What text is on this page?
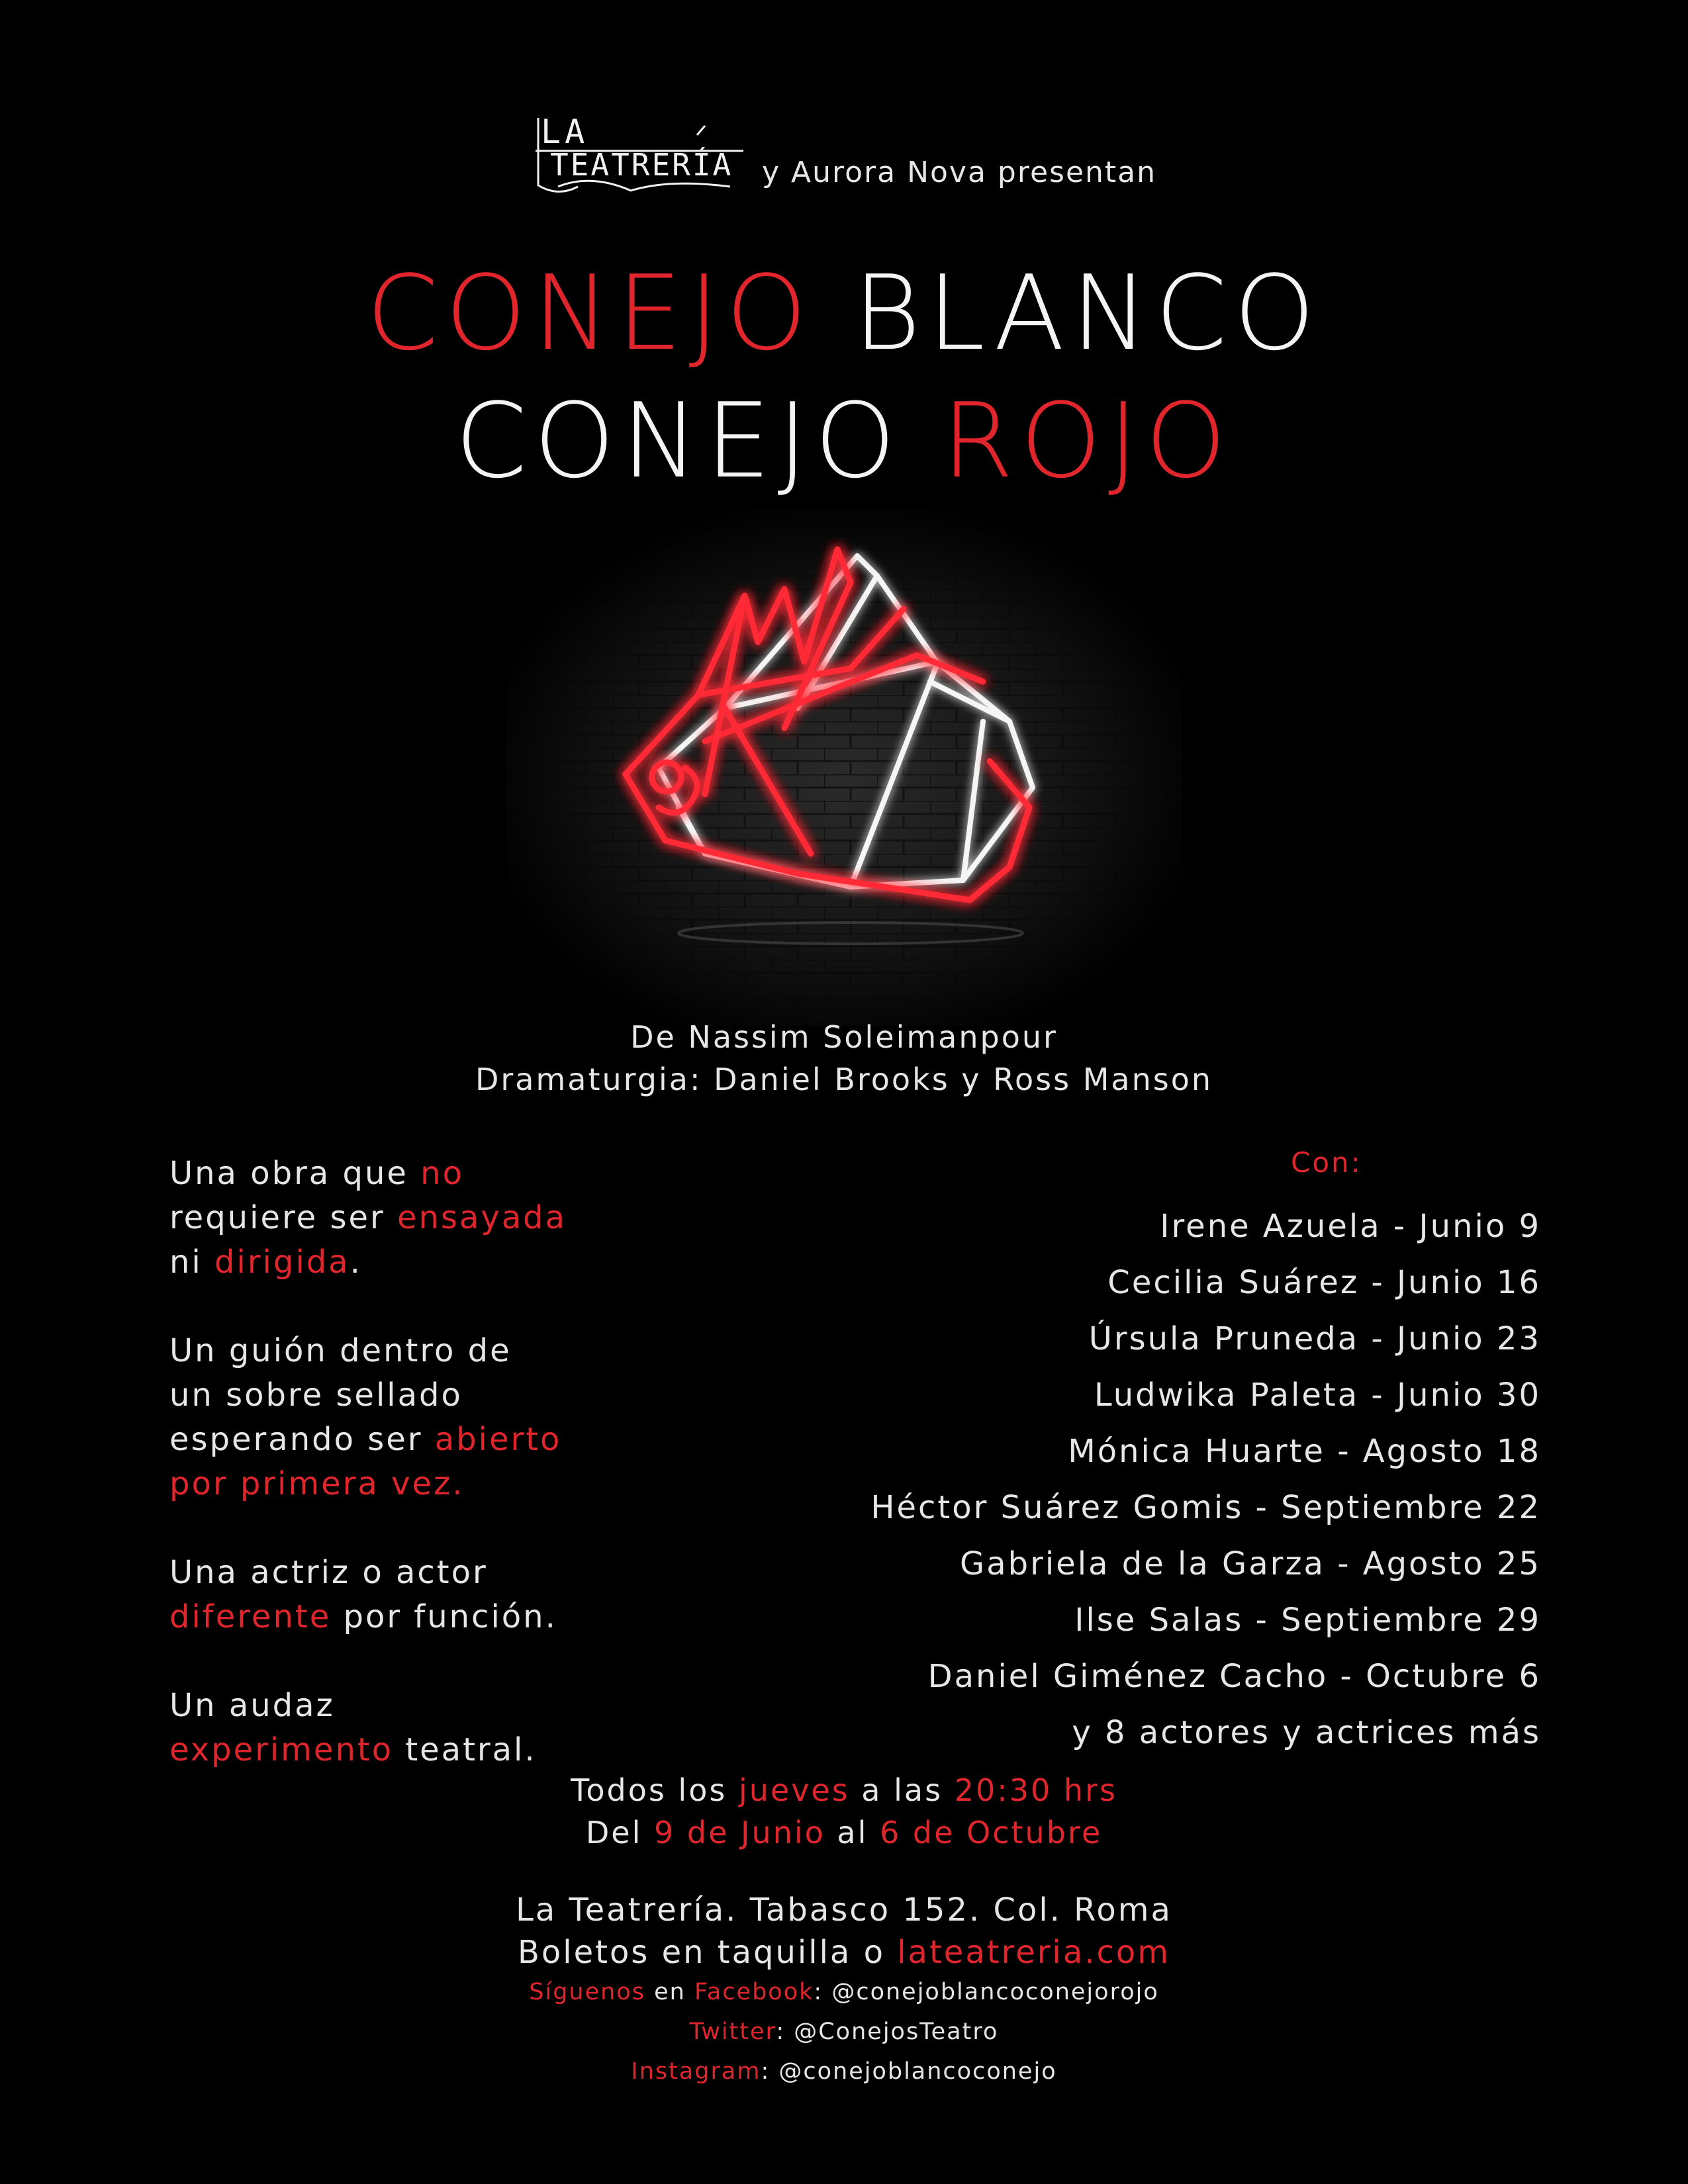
LA
TEATRERÍA y Aurora Nova presentan
CONEJO BLANCO
CONEJO ROJO
De Nassim Soleimanpour
Dramaturgia: Daniel Brooks y Ross Manson
Una obra que no
requiere ser ensayada
ni dirigida.
Un guión dentro de
un sobre sellado
esperando ser abierto
por primera vez.
Una actriz o actor
diferente por función.
Un audaz
experimento teatral.
Con:
Irene Azuela - Junio 9
Cecilia Suárez - Junio 16
Úrsula Pruneda - Junio 23
Ludwika Paleta - Junio 30
Mónica Huarte - Agosto 18
Héctor Suárez Gomis - Septiembre 22
Gabriela de la Garza - Agosto 25
Ilse Salas - Septiembre 29
Daniel Giménez Cacho - Octubre 6
y 8 actores y actrices más
Todos los jueves a las 20:30 hrs
Del 9 de Junio al 6 de Octubre
La Teatrería. Tabasco 152. Col. Roma
Boletos en taquilla o lateatreria.com
Síguenos en Facebook: @conejoblancoconejorojo
Twitter: @ConejosTeatro
Instagram: @conejoblancoconejo
